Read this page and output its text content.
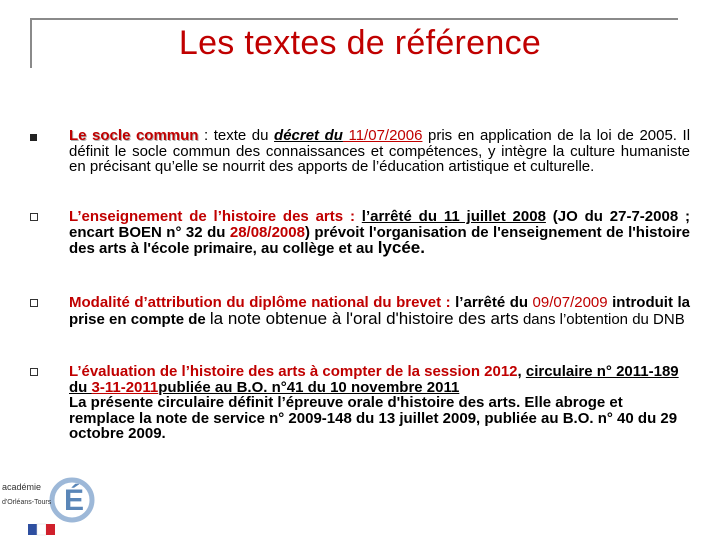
Les textes de référence
Le socle commun : texte du décret du 11/07/2006 pris en application de la loi de 2005. Il définit le socle commun des connaissances et compétences, y intègre la culture humaniste en précisant qu’elle se nourrit des apports de l’éducation artistique et culturelle.
L’enseignement de l’histoire des arts : l’arrêté du 11 juillet 2008 (JO du 27-7-2008 ; encart BOEN n° 32 du 28/08/2008) prévoit l'organisation de l'enseignement de l'histoire des arts à l'école primaire, au collège et au lycée.
Modalité d’attribution du diplôme national du brevet : l’arrêté du 09/07/2009 introduit la prise en compte de la note obtenue à l'oral d'histoire des arts dans l’obtention du DNB
L’évaluation de l’histoire des arts à compter de la session 2012, circulaire n° 2011-189 du 3-11-2011publiée au B.O. n°41 du 10 novembre 2011
La présente circulaire définit l’épreuve orale d'histoire des arts. Elle abroge et remplace la note de service n° 2009-148 du 13 juillet 2009, publiée au B.O. n° 40 du 29 octobre 2009.
É
académie
d'Orléans-Tours
